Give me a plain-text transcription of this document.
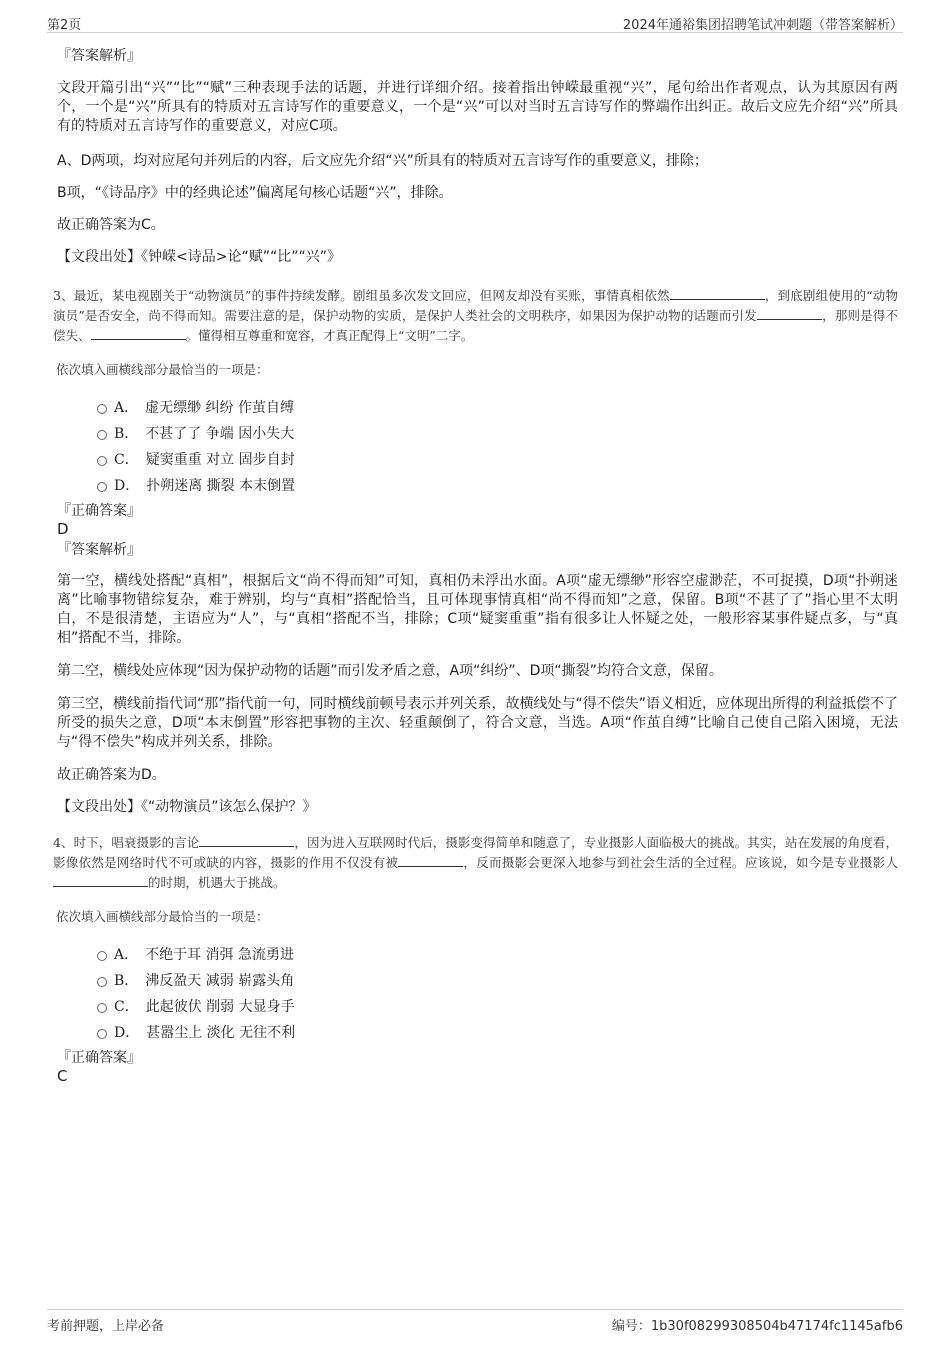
第2页	2024年通裕集团招聘笔试冲刺题（带答案解析）

『答案解析』

文段开篇引出“兴”“比”“赋”三种表现手法的话题，并进行详细介绍。接着指出钟嵘最重视“兴”，尾句给出作者观点，认为其原因有两个，一个是“兴”所具有的特质对五言诗写作的重要意义，一个是“兴”可以对当时五言诗写作的弊端作出纠正。故后文应先介绍“兴”所具有的特质对五言诗写作的重要意义，对应C项。

A、D两项，均对应尾句并列后的内容，后文应先介绍“兴”所具有的特质对五言诗写作的重要意义，排除；

B项，“《诗品序》中的经典论述”偏离尾句核心话题“兴”，排除。

故正确答案为C。

【文段出处】《钟嵘<诗品>论“赋”“比”“兴”》

3、最近，某电视剧关于“动物演员”的事件持续发酵。剧组虽多次发文回应，但网友却没有买账，事情真相依然	，到底剧组使用的“动物演员”是否安全，尚不得而知。需要注意的是，保护动物的实质，是保护人类社会的文明秩序，如果因为保护动物的话题而引发	，那则是得不偿失、	。懂得相互尊重和宽容，才真正配得上“文明”二字。

依次填入画横线部分最恰当的一项是：

A．　虚无缥缈 纠纷 作茧自缚
B．　不甚了了 争端 因小失大
C．　疑窦重重 对立 固步自封
D．　扑朔迷离 撕裂 本末倒置

『正确答案』

D

『答案解析』

第一空，横线处搭配“真相”，根据后文“尚不得而知”可知，真相仍未浮出水面。A项“虚无缥缈”形容空虚渺茫，不可捉摸，D项“扑朔迷离”比喻事物错综复杂，难于辨别，均与“真相”搭配恰当，且可体现事情真相“尚不得而知”之意，保留。B项“不甚了了”指心里不太明白，不是很清楚，主语应为“人”，与“真相”搭配不当，排除；C项“疑窦重重”指有很多让人怀疑之处，一般形容某事件疑点多，与“真相”搭配不当，排除。

第二空，横线处应体现“因为保护动物的话题”而引发矛盾之意，A项“纠纷”、D项“撕裂”均符合文意，保留。

第三空，横线前指代词“那”指代前一句，同时横线前顿号表示并列关系，故横线处与“得不偿失”语义相近，应体现出所得的利益抵偿不了所受的损失之意，D项“本末倒置”形容把事物的主次、轻重颠倒了，符合文意，当选。A项“作茧自缚”比喻自己使自己陷入困境，无法与“得不偿失”构成并列关系，排除。

故正确答案为D。

【文段出处】《“动物演员”该怎么保护？》

4、时下，唱衰摄影的言论	，因为进入互联网时代后，摄影变得简单和随意了，专业摄影人面临极大的挑战。其实，站在发展的角度看，影像依然是网络时代不可或缺的内容，摄影的作用不仅没有被	，反而摄影会更深入地参与到社会生活的全过程。应该说，如今是专业摄影人的时期，机遇大于挑战。

依次填入画横线部分最恰当的一项是：

A．　不绝于耳 消弭 急流勇进
B．　沸反盈天 减弱 崭露头角
C．　此起彼伏 削弱 大显身手
D．　甚嚣尘上 淡化 无往不利

『正确答案』

C

考前押题，上岸必备	编号：1b30f08299308504b47174fc1145afb6
